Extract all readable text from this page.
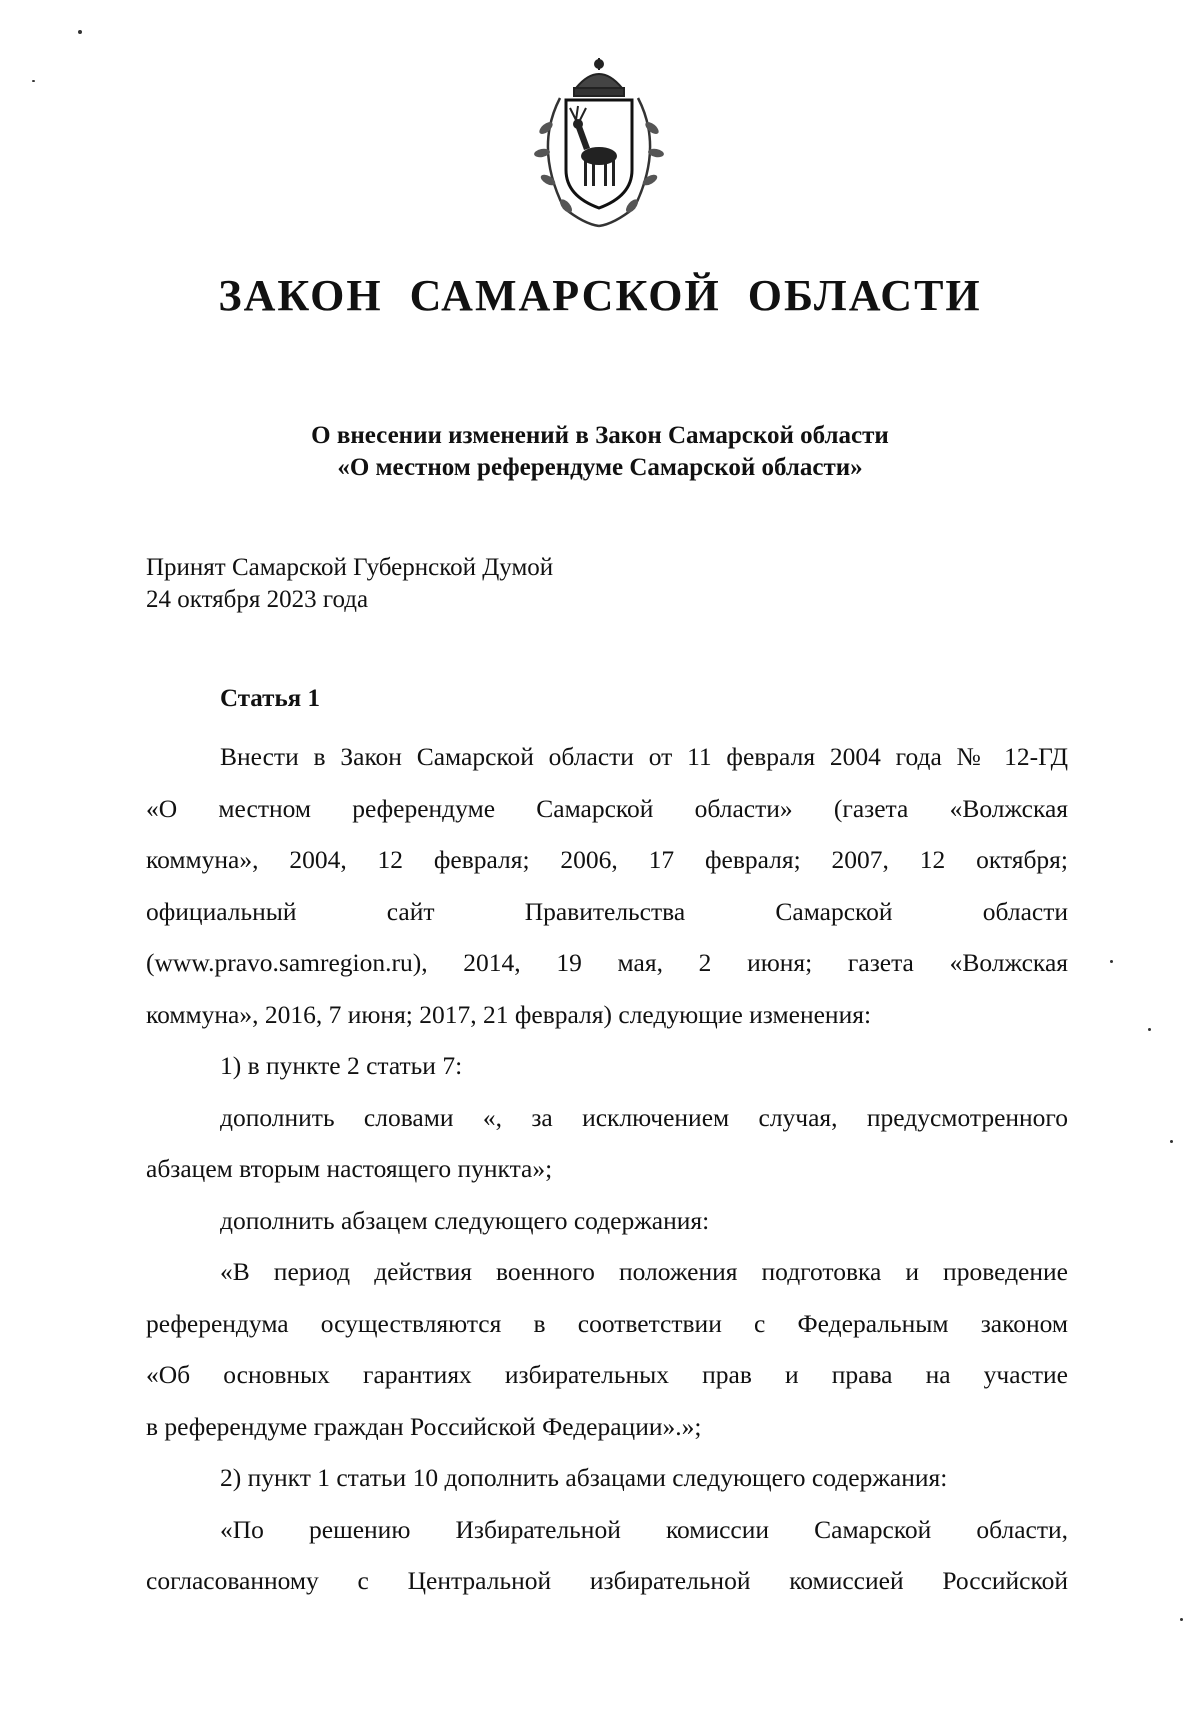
ЗАКОН САМАРСКОЙ ОБЛАСТИ
О внесении изменений в Закон Самарской области
«О местном референдуме Самарской области»
Принят Самарской Губернской Думой
24 октября 2023 года
Статья 1
Внести в Закон Самарской области от 11 февраля 2004 года № 12-ГД
«О местном референдуме Самарской области» (газета «Волжская
коммуна», 2004, 12 февраля; 2006, 17 февраля; 2007, 12 октября;
официальный сайт Правительства Самарской области
(www.pravo.samregion.ru), 2014, 19 мая, 2 июня; газета «Волжская
коммуна», 2016, 7 июня; 2017, 21 февраля) следующие изменения:
1) в пункте 2 статьи 7:
дополнить словами «, за исключением случая, предусмотренного
абзацем вторым настоящего пункта»;
дополнить абзацем следующего содержания:
«В период действия военного положения подготовка и проведение
референдума осуществляются в соответствии с Федеральным законом
«Об основных гарантиях избирательных прав и права на участие
в референдуме граждан Российской Федерации».»;
2) пункт 1 статьи 10 дополнить абзацами следующего содержания:
«По решению Избирательной комиссии Самарской области,
согласованному с Центральной избирательной комиссией Российской
